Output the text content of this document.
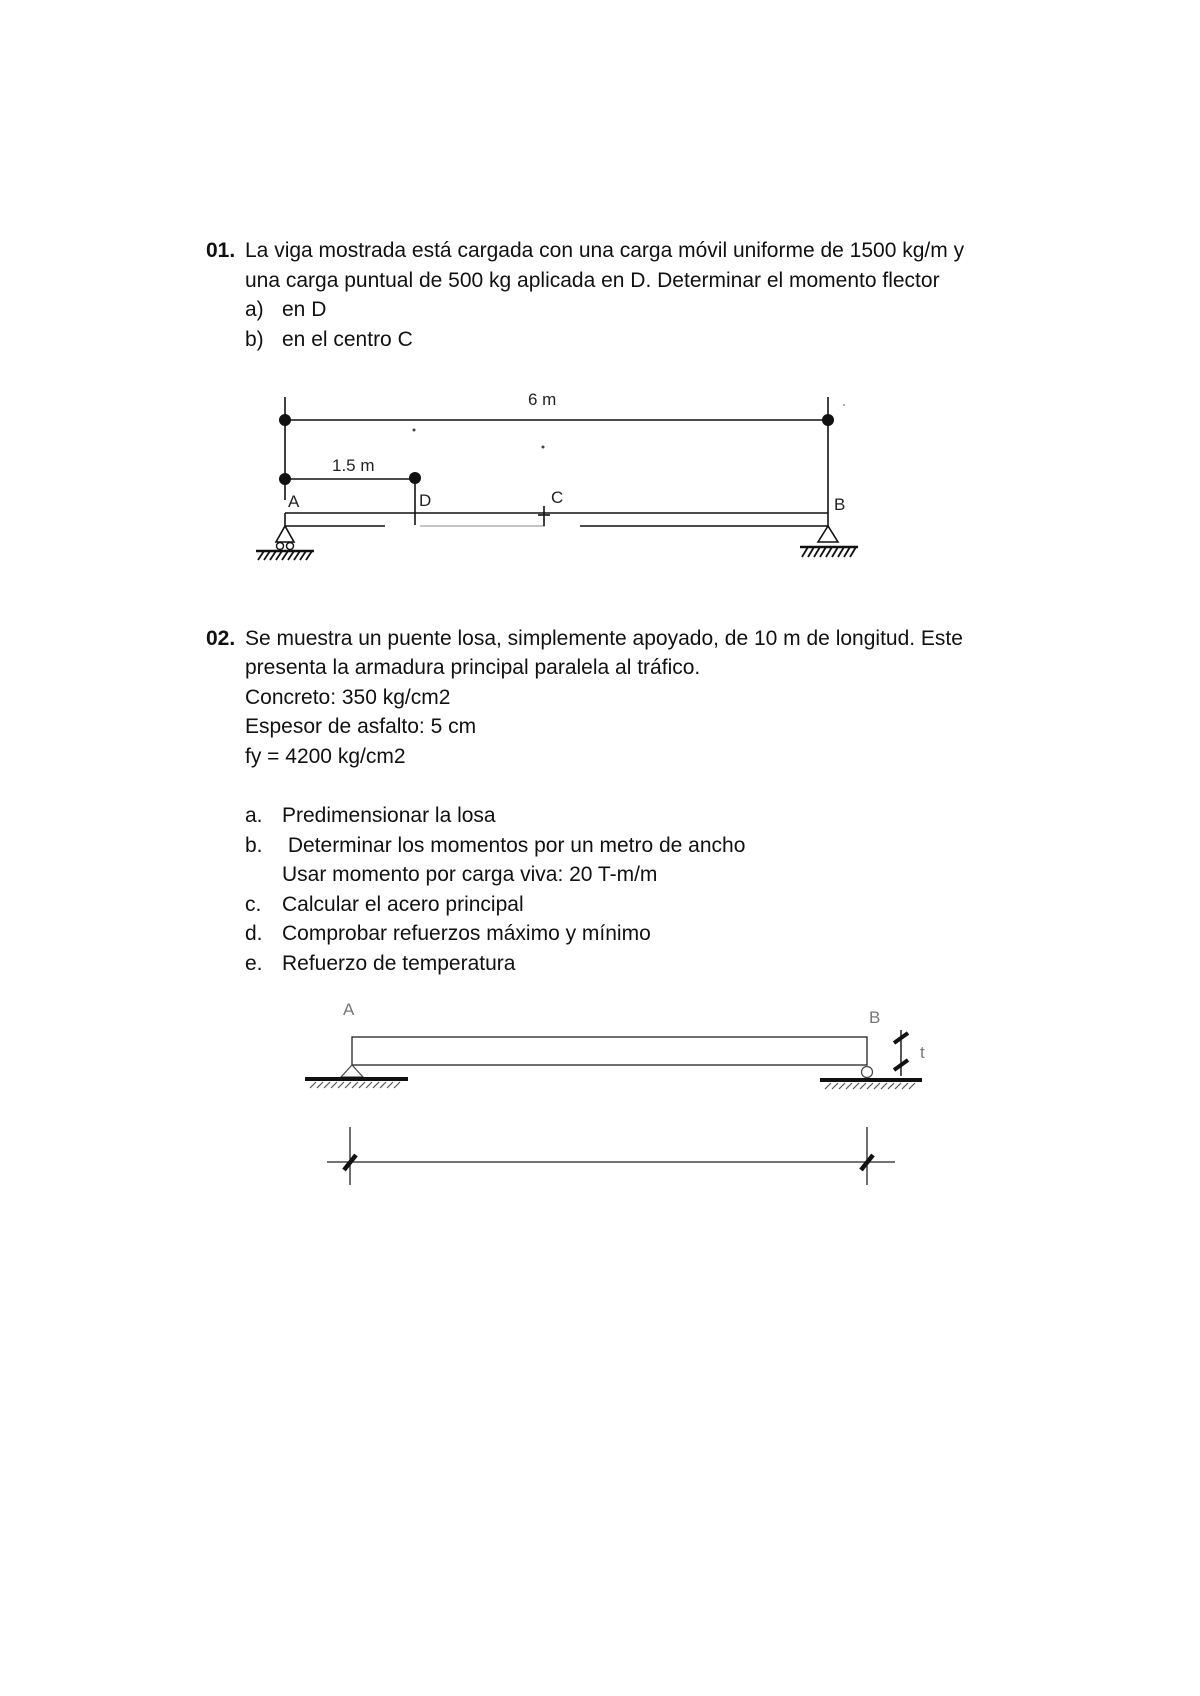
01. La viga mostrada está cargada con una carga móvil uniforme de 1500 kg/m y
una carga puntual de 500 kg aplicada en D. Determinar el momento flector
a) en D
b) en el centro C
6 m
1.5 m
A	D	C	B
02. Se muestra un puente losa, simplemente apoyado, de 10 m de longitud. Este
presenta la armadura principal paralela al tráfico.
Concreto: 350 kg/cm2
Espesor de asfalto: 5 cm
fy = 4200 kg/cm2
a. Predimensionar la losa
b. Determinar los momentos por un metro de ancho
Usar momento por carga viva: 20 T-m/m
c. Calcular el acero principal
d. Comprobar refuerzos máximo y mínimo
e. Refuerzo de temperatura
A	B
t
